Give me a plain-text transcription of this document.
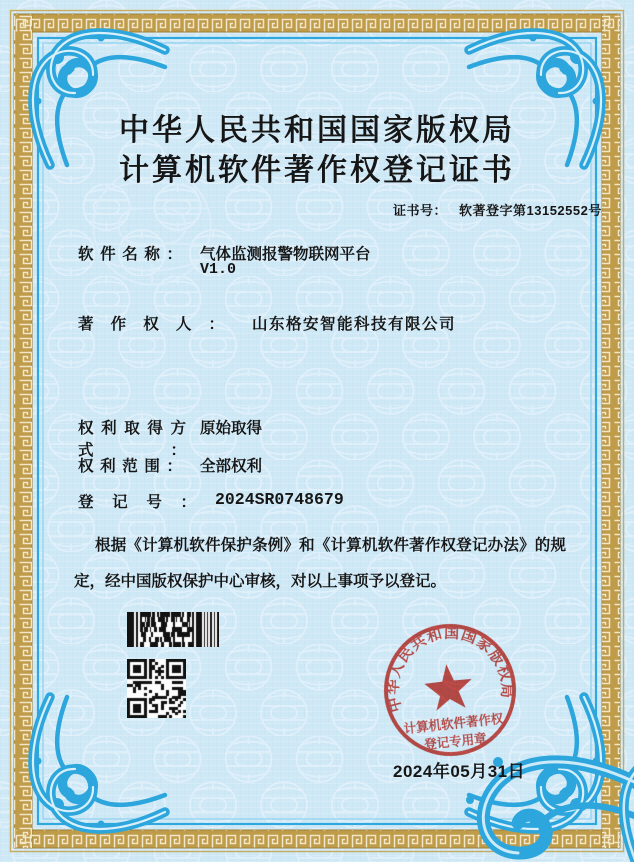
中华人民共和国国家版权局
计算机软件著作权登记证书
证书号： 软著登字第13152552号
软件名称： 气体监测报警物联网平台
V1.0
著作权人： 山东格安智能科技有限公司
权利取得方式：
原始取得
权利范围： 全部权利
登记号： 2024SR0748679
根据《计算机软件保护条例》和《计算机软件著作权登记办法》的规定，经中国版权保护中心审核，对以上事项予以登记。
中华人民共和国国家版权局
计算机软件著作权
登记专用章
2024年05月31日
